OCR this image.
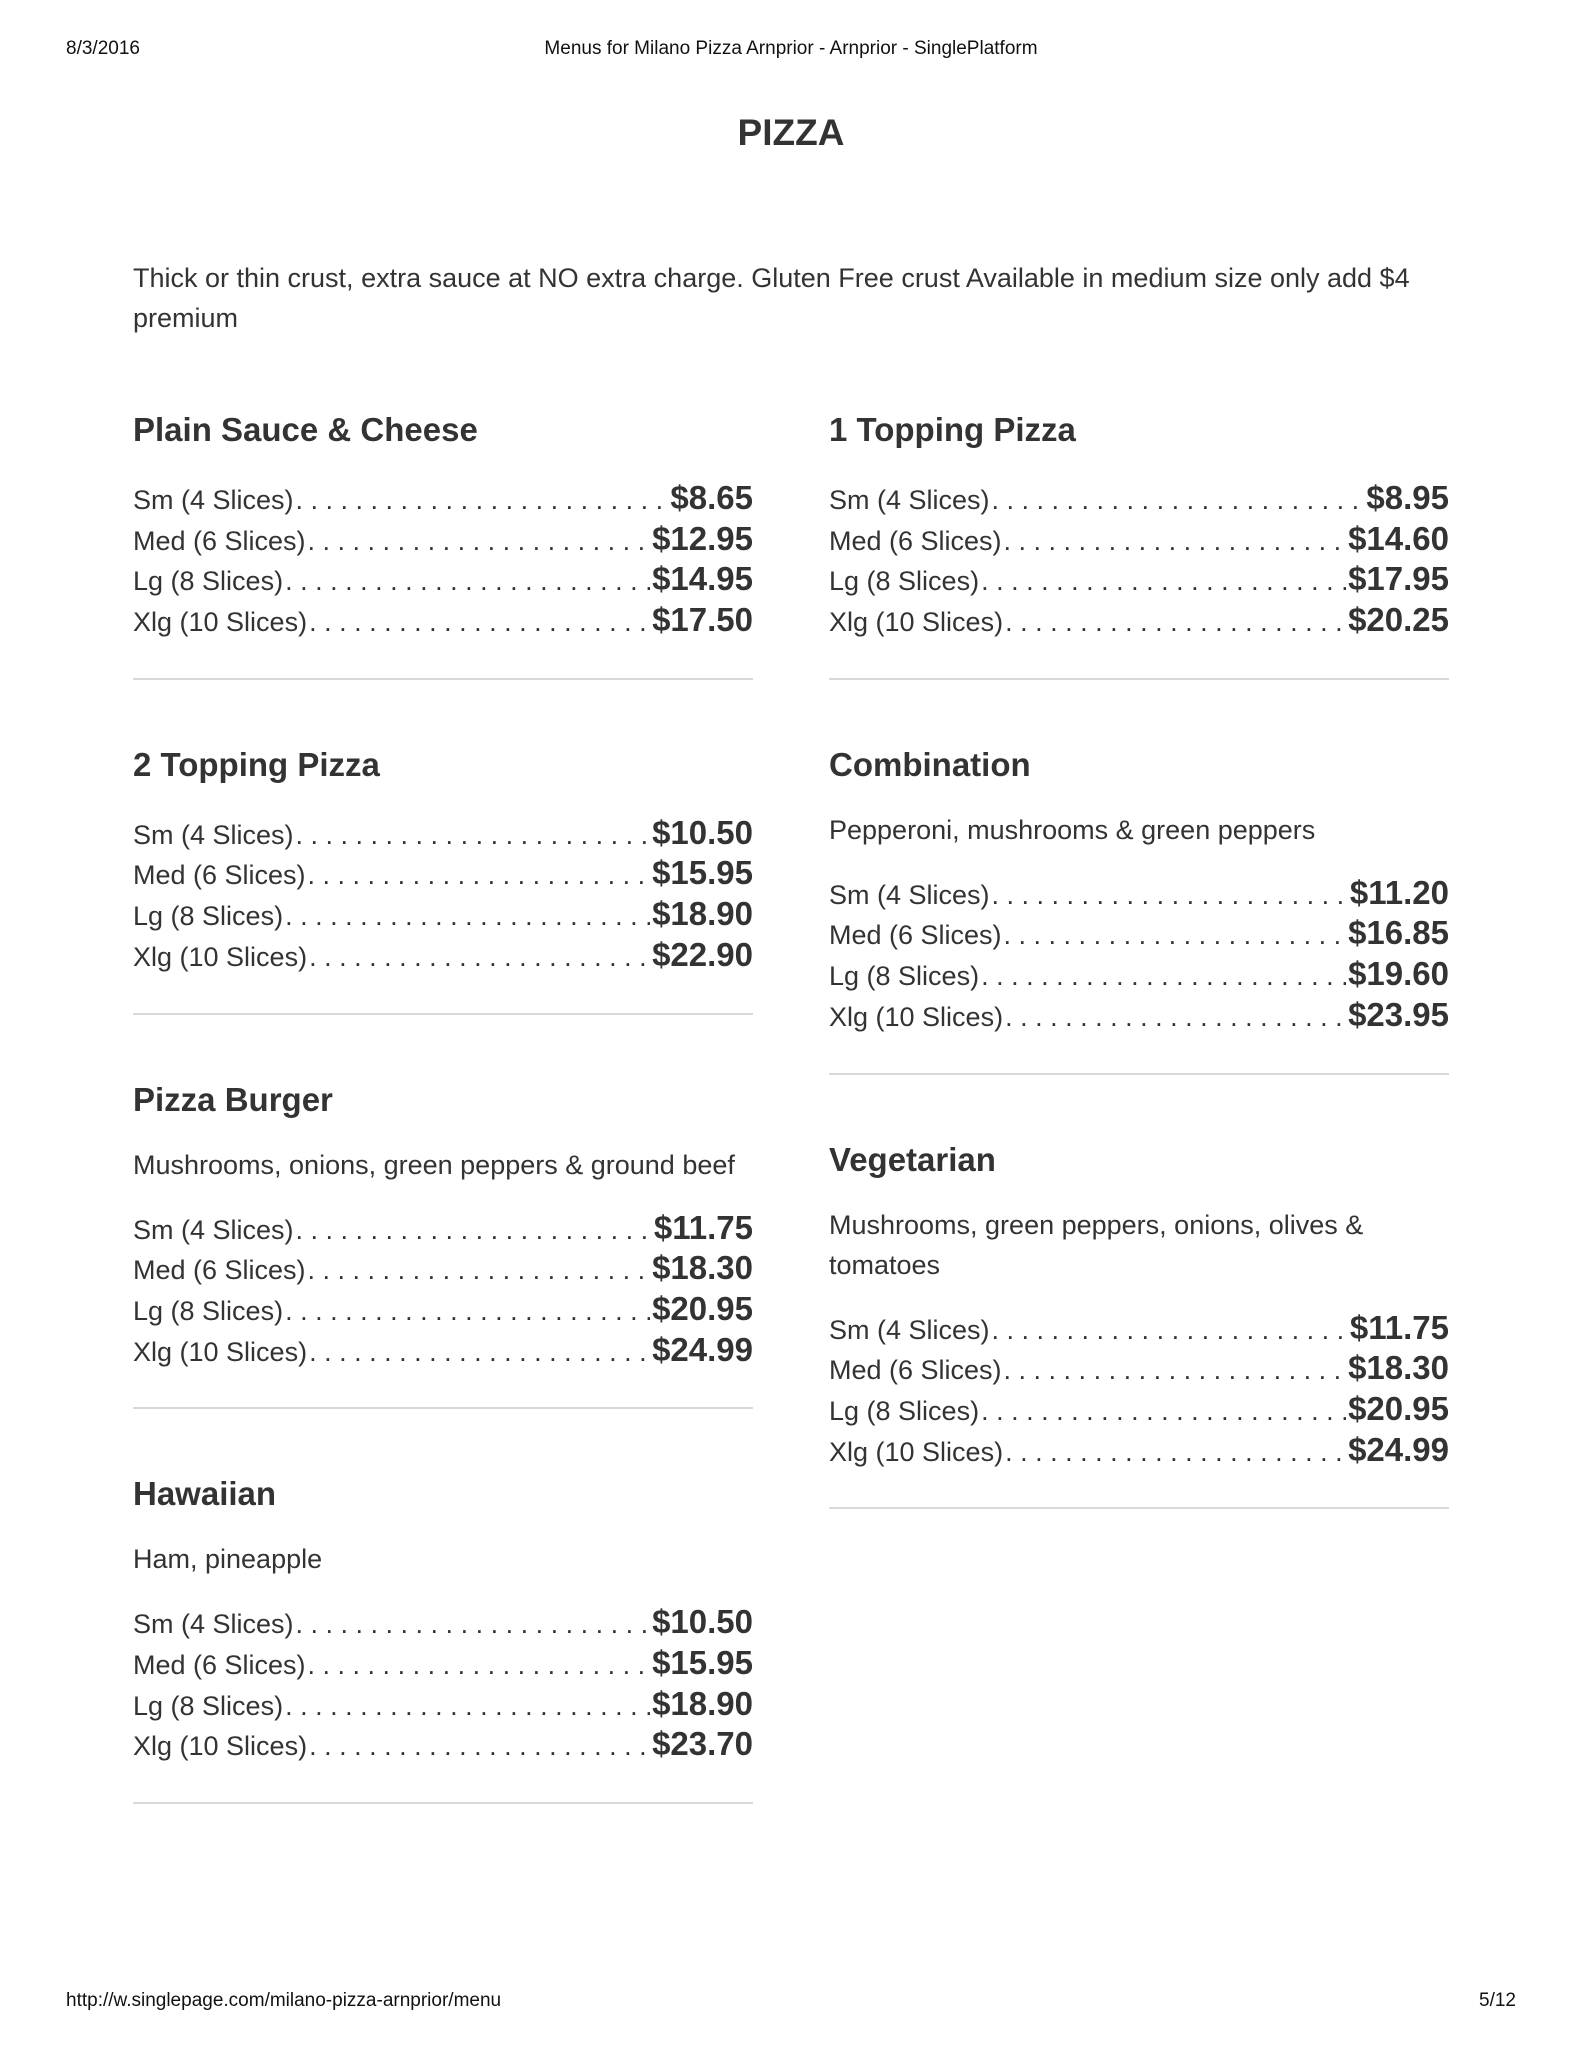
8/3/2016	Menus for Milano Pizza Arnprior - Arnprior - SinglePlatform
PIZZA

Thick or thin crust, extra sauce at NO extra charge. Gluten Free crust Available in medium size only add $4 premium

Plain Sauce & Cheese
Sm (4 Slices) . . .	$8.65
Med (6 Slices) . . .	$12.95
Lg (8 Slices) . . .	$14.95
Xlg (10 Slices) . . .	$17.50
2 Topping Pizza
Sm (4 Slices) . . .	$10.50
Med (6 Slices) . . .	$15.95
Lg (8 Slices) . . .	$18.90
Xlg (10 Slices) . . .	$22.90
Pizza Burger
Mushrooms, onions, green peppers & ground beef
Sm (4 Slices) . . .	$11.75
Med (6 Slices) . . .	$18.30
Lg (8 Slices) . . .	$20.95
Xlg (10 Slices) . . .	$24.99
Hawaiian
Ham, pineapple
Sm (4 Slices) . . .	$10.50
Med (6 Slices) . . .	$15.95
Lg (8 Slices) . . .	$18.90
Xlg (10 Slices) . . .	$23.70
1 Topping Pizza
Sm (4 Slices) . . .	$8.95
Med (6 Slices) . . .	$14.60
Lg (8 Slices) . . .	$17.95
Xlg (10 Slices) . . .	$20.25
Combination
Pepperoni, mushrooms & green peppers
Sm (4 Slices) . . .	$11.20
Med (6 Slices) . . .	$16.85
Lg (8 Slices) . . .	$19.60
Xlg (10 Slices) . . .	$23.95
Vegetarian
Mushrooms, green peppers, onions, olives & tomatoes
Sm (4 Slices) . . .	$11.75
Med (6 Slices) . . .	$18.30
Lg (8 Slices) . . .	$20.95
Xlg (10 Slices) . . .	$24.99
http://w.singlepage.com/milano-pizza-arnprior/menu	5/12
